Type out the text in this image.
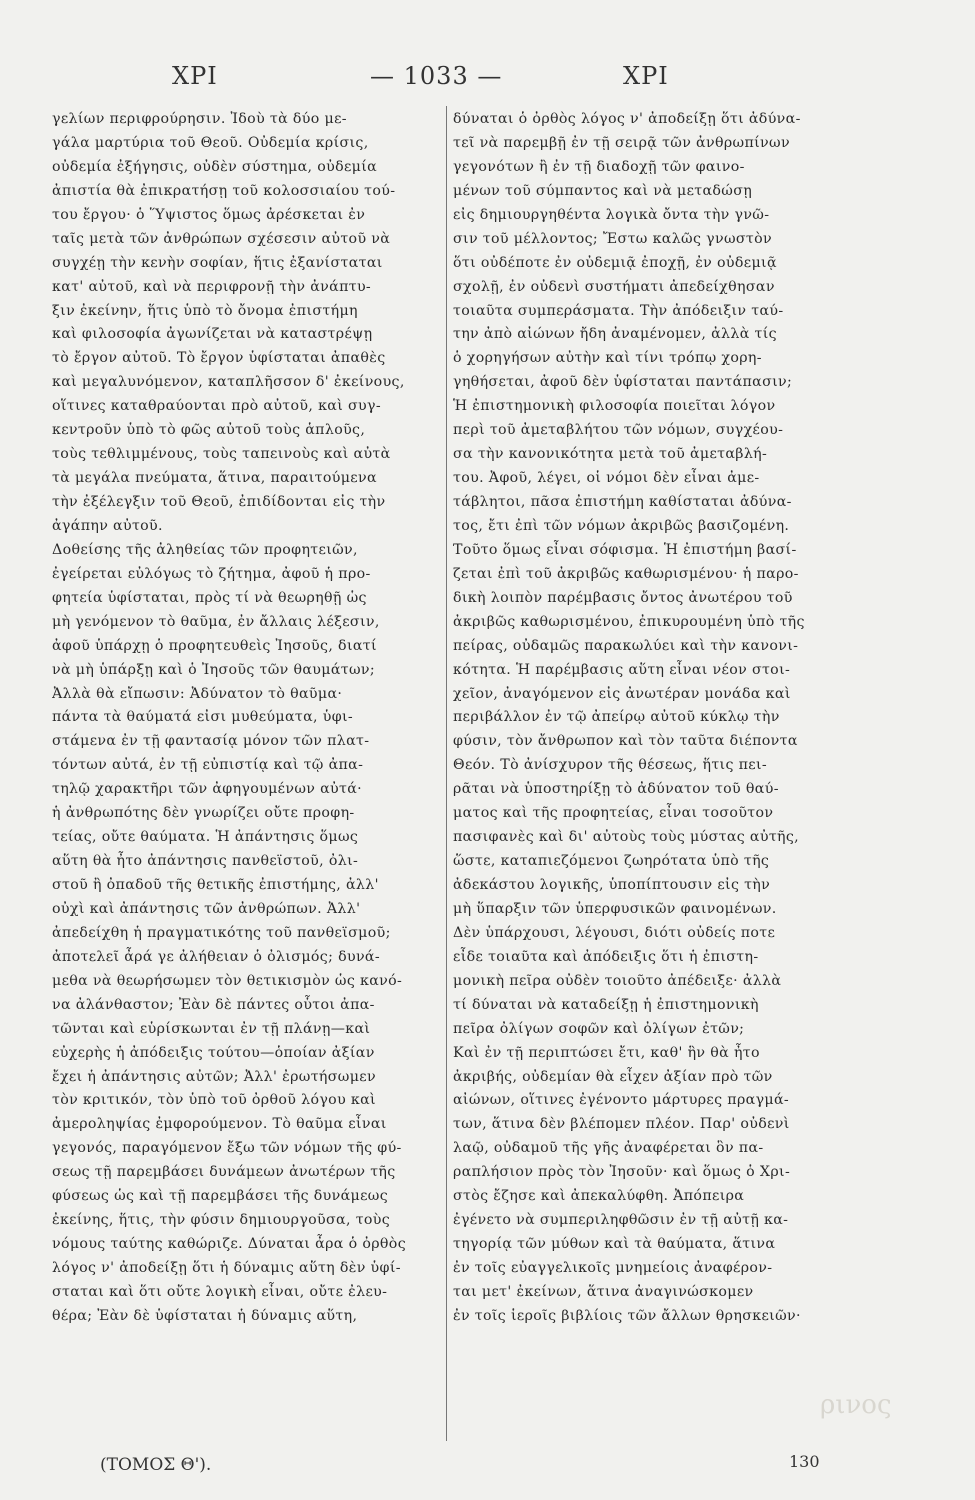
ΧΡΙ	— 1033 —	ΧΡΙ
γελίων περιφρούρησιν. Ἰδοὺ τὰ δύο με-
γάλα μαρτύρια τοῦ Θεοῦ. Οὐδεμία κρίσις,
οὐδεμία ἐξήγησις, οὐδὲν σύστημα, οὐδεμία
ἀπιστία θὰ ἐπικρατήσῃ τοῦ κολοσσιαίου τού-
του ἔργου· ὁ Ὕψιστος ὅμως ἀρέσκεται ἐν
ταῖς μετὰ τῶν ἀνθρώπων σχέσεσιν αὐτοῦ νὰ
συγχέῃ τὴν κενὴν σοφίαν, ἥτις ἐξανίσταται
κατ' αὐτοῦ, καὶ νὰ περιφρονῇ τὴν ἀνάπτυ-
ξιν ἐκείνην, ἥτις ὑπὸ τὸ ὄνομα ἐπιστήμη
καὶ φιλοσοφία ἀγωνίζεται νὰ καταστρέψῃ
τὸ ἔργον αὐτοῦ. Τὸ ἔργον ὑφίσταται ἀπαθὲς
καὶ μεγαλυνόμενον, καταπλῆσσον δ' ἐκείνους,
οἵτινες καταθραύονται πρὸ αὐτοῦ, καὶ συγ-
κεντροῦν ὑπὸ τὸ φῶς αὐτοῦ τοὺς ἁπλοῦς,
τοὺς τεθλιμμένους, τοὺς ταπεινοὺς καὶ αὐτὰ
τὰ μεγάλα πνεύματα, ἅτινα, παραιτούμενα
τὴν ἐξέλεγξιν τοῦ Θεοῦ, ἐπιδίδονται εἰς τὴν
ἀγάπην αὐτοῦ.
Δοθείσης τῆς ἀληθείας τῶν προφητειῶν,
ἐγείρεται εὐλόγως τὸ ζήτημα, ἀφοῦ ἡ προ-
φητεία ὑφίσταται, πρὸς τί νὰ θεωρηθῇ ὡς
μὴ γενόμενον τὸ θαῦμα, ἐν ἄλλαις λέξεσιν,
ἀφοῦ ὑπάρχῃ ὁ προφητευθεὶς Ἰησοῦς, διατί
νὰ μὴ ὑπάρξῃ καὶ ὁ Ἰησοῦς τῶν θαυμάτων;
Ἀλλὰ θὰ εἴπωσιν: Ἀδύνατον τὸ θαῦμα·
πάντα τὰ θαύματά εἰσι μυθεύματα, ὑφι-
στάμενα ἐν τῇ φαντασίᾳ μόνον τῶν πλατ-
τόντων αὐτά, ἐν τῇ εὐπιστίᾳ καὶ τῷ ἀπα-
τηλῷ χαρακτῆρι τῶν ἀφηγουμένων αὐτά·
ἡ ἀνθρωπότης δὲν γνωρίζει οὔτε προφη-
τείας, οὔτε θαύματα. Ἡ ἀπάντησις ὅμως
αὕτη θὰ ἦτο ἀπάντησις πανθεϊστοῦ, ὀλι-
στοῦ ἢ ὀπαδοῦ τῆς θετικῆς ἐπιστήμης, ἀλλ'
οὐχὶ καὶ ἀπάντησις τῶν ἀνθρώπων. Ἀλλ'
ἀπεδείχθη ἡ πραγματικότης τοῦ πανθεϊσμοῦ;
ἀποτελεῖ ἆρά γε ἀλήθειαν ὁ ὀλισμός; δυνά-
μεθα νὰ θεωρήσωμεν τὸν θετικισμὸν ὡς κανό-
να ἀλάνθαστον; Ἐὰν δὲ πάντες οὗτοι ἀπα-
τῶνται καὶ εὑρίσκωνται ἐν τῇ πλάνῃ—καὶ
εὐχερὴς ἡ ἀπόδειξις τούτου—ὁποίαν ἀξίαν
ἔχει ἡ ἀπάντησις αὐτῶν; Ἀλλ' ἐρωτήσωμεν
τὸν κριτικόν, τὸν ὑπὸ τοῦ ὀρθοῦ λόγου καὶ
ἀμεροληψίας ἐμφορούμενον. Τὸ θαῦμα εἶναι
γεγονός, παραγόμενον ἔξω τῶν νόμων τῆς φύ-
σεως τῇ παρεμβάσει δυνάμεων ἀνωτέρων τῆς
φύσεως ὡς καὶ τῇ παρεμβάσει τῆς δυνάμεως
ἐκείνης, ἥτις, τὴν φύσιν δημιουργοῦσα, τοὺς
νόμους ταύτης καθώριζε. Δύναται ἆρα ὁ ὀρθὸς
λόγος ν' ἀποδείξῃ ὅτι ἡ δύναμις αὕτη δὲν ὑφί-
σταται καὶ ὅτι οὔτε λογικὴ εἶναι, οὔτε ἐλευ-
θέρα; Ἐὰν δὲ ὑφίσταται ἡ δύναμις αὕτη,
δύναται ὁ ὀρθὸς λόγος ν' ἀποδείξῃ ὅτι ἀδύνα-
τεῖ νὰ παρεμβῇ ἐν τῇ σειρᾷ τῶν ἀνθρωπίνων
γεγονότων ἢ ἐν τῇ διαδοχῇ τῶν φαινο-
μένων τοῦ σύμπαντος καὶ νὰ μεταδώσῃ
εἰς δημιουργηθέντα λογικὰ ὄντα τὴν γνῶ-
σιν τοῦ μέλλοντος; Ἔστω καλῶς γνωστὸν
ὅτι οὐδέποτε ἐν οὐδεμιᾷ ἐποχῇ, ἐν οὐδεμιᾷ
σχολῇ, ἐν οὐδενὶ συστήματι ἀπεδείχθησαν
τοιαῦτα συμπεράσματα. Τὴν ἀπόδειξιν ταύ-
την ἀπὸ αἰώνων ἤδη ἀναμένομεν, ἀλλὰ τίς
ὁ χορηγήσων αὐτὴν καὶ τίνι τρόπῳ χορη-
γηθήσεται, ἀφοῦ δὲν ὑφίσταται παντάπασιν;
Ἡ ἐπιστημονικὴ φιλοσοφία ποιεῖται λόγον
περὶ τοῦ ἀμεταβλήτου τῶν νόμων, συγχέου-
σα τὴν κανονικότητα μετὰ τοῦ ἀμεταβλή-
του. Ἀφοῦ, λέγει, οἱ νόμοι δὲν εἶναι ἀμε-
τάβλητοι, πᾶσα ἐπιστήμη καθίσταται ἀδύνα-
τος, ἔτι ἐπὶ τῶν νόμων ἀκριβῶς βασιζομένη.
Τοῦτο ὅμως εἶναι σόφισμα. Ἡ ἐπιστήμη βασί-
ζεται ἐπὶ τοῦ ἀκριβῶς καθωρισμένου· ἡ παρο-
δικὴ λοιπὸν παρέμβασις ὄντος ἀνωτέρου τοῦ
ἀκριβῶς καθωρισμένου, ἐπικυρουμένη ὑπὸ τῆς
πείρας, οὐδαμῶς παρακωλύει καὶ τὴν κανονι-
κότητα. Ἡ παρέμβασις αὕτη εἶναι νέον στοι-
χεῖον, ἀναγόμενον εἰς ἀνωτέραν μονάδα καὶ
περιβάλλον ἐν τῷ ἀπείρῳ αὐτοῦ κύκλῳ τὴν
φύσιν, τὸν ἄνθρωπον καὶ τὸν ταῦτα διέποντα
Θεόν. Τὸ ἀνίσχυρον τῆς θέσεως, ἥτις πει-
ρᾶται νὰ ὑποστηρίξῃ τὸ ἀδύνατον τοῦ θαύ-
ματος καὶ τῆς προφητείας, εἶναι τοσοῦτον
πασιφανὲς καὶ δι' αὐτοὺς τοὺς μύστας αὐτῆς,
ὥστε, καταπιεζόμενοι ζωηρότατα ὑπὸ τῆς
ἀδεκάστου λογικῆς, ὑποπίπτουσιν εἰς τὴν
μὴ ὕπαρξιν τῶν ὑπερφυσικῶν φαινομένων.
Δὲν ὑπάρχουσι, λέγουσι, διότι οὐδείς ποτε
εἶδε τοιαῦτα καὶ ἀπόδειξις ὅτι ἡ ἐπιστη-
μονικὴ πεῖρα οὐδὲν τοιοῦτο ἀπέδειξε· ἀλλὰ
τί δύναται νὰ καταδείξῃ ἡ ἐπιστημονικὴ
πεῖρα ὀλίγων σοφῶν καὶ ὀλίγων ἐτῶν;
Καὶ ἐν τῇ περιπτώσει ἔτι, καθ' ἣν θὰ ἦτο
ἀκριβής, οὐδεμίαν θὰ εἶχεν ἀξίαν πρὸ τῶν
αἰώνων, οἵτινες ἐγένοντο μάρτυρες πραγμά-
των, ἅτινα δὲν βλέπομεν πλέον. Παρ' οὐδενὶ
λαῷ, οὐδαμοῦ τῆς γῆς ἀναφέρεται ὃν πα-
ραπλήσιον πρὸς τὸν Ἰησοῦν· καὶ ὅμως ὁ Χρι-
στὸς ἔζησε καὶ ἀπεκαλύφθη. Ἀπόπειρα
ἐγένετο νὰ συμπεριληφθῶσιν ἐν τῇ αὐτῇ κα-
τηγορίᾳ τῶν μύθων καὶ τὰ θαύματα, ἅτινα
ἐν τοῖς εὐαγγελικοῖς μνημείοις ἀναφέρον-
ται μετ' ἐκείνων, ἅτινα ἀναγινώσκομεν
ἐν τοῖς ἱεροῖς βιβλίοις τῶν ἄλλων θρησκειῶν·
ρινος
(ΤΟΜΟΣ Θ').	130
